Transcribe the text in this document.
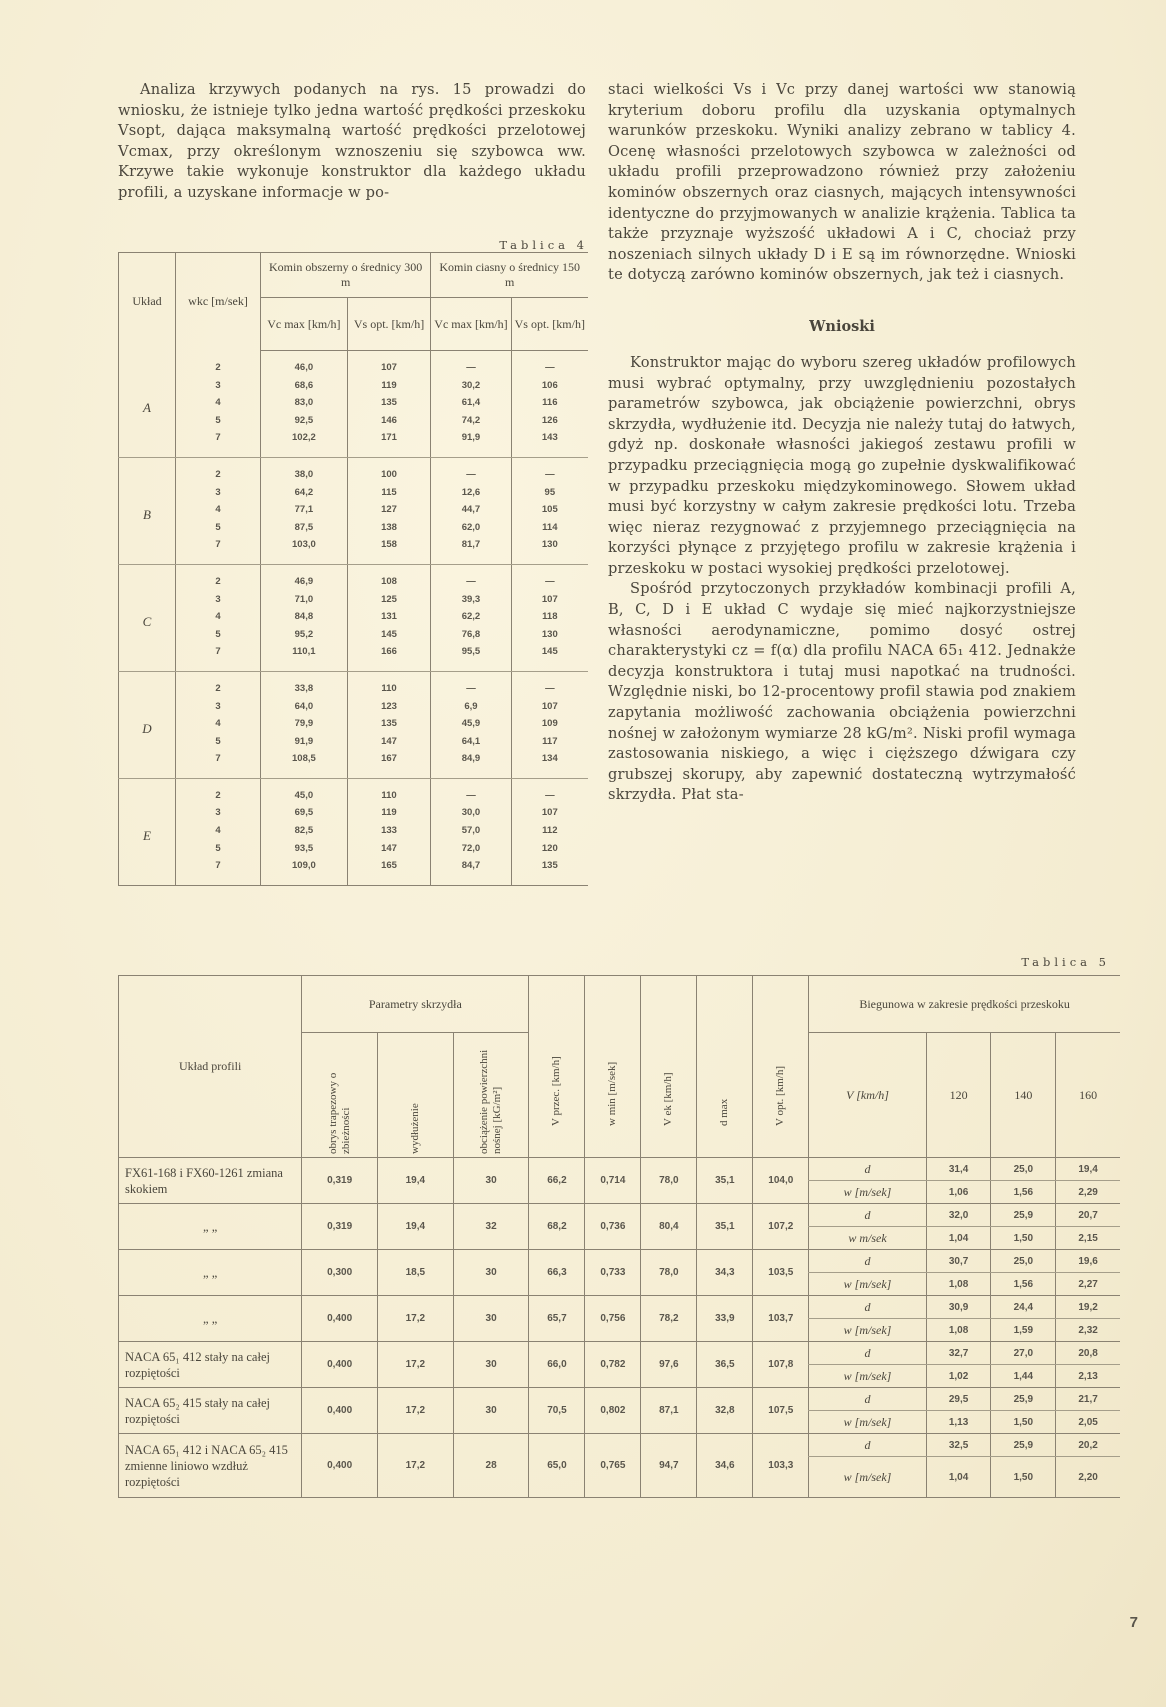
Analiza krzywych podanych na rys. 15 prowadzi do wniosku, że istnieje tylko jedna wartość prędkości przeskoku Vsopt, dająca maksymalną wartość prędkości przelotowej Vcmax, przy określonym wznoszeniu się szybowca ww. Krzywe takie wykonuje konstruktor dla każdego układu profili, a uzyskane informacje w po-

Tablica 4
Układ	wkc [m/sek]	Komin obszerny o średnicy 300 m		Komin ciasny o średnicy 150 m	
		Vc max [km/h]	Vs opt. [km/h]	Vc max [km/h]	Vs opt. [km/h]
A	2	46,0	107	—	—
	3	68,6	119	30,2	106
	4	83,0	135	61,4	116
	5	92,5	146	74,2	126
	7	102,2	171	91,9	143
B	2	38,0	100	—	—
	3	64,2	115	12,6	95
	4	77,1	127	44,7	105
	5	87,5	138	62,0	114
	7	103,0	158	81,7	130
C	2	46,9	108	—	—
	3	71,0	125	39,3	107
	4	84,8	131	62,2	118
	5	95,2	145	76,8	130
	7	110,1	166	95,5	145
D	2	33,8	110	—	—
	3	64,0	123	6,9	107
	4	79,9	135	45,9	109
	5	91,9	147	64,1	117
	7	108,5	167	84,9	134
E	2	45,0	110	—	—
	3	69,5	119	30,0	107
	4	82,5	133	57,0	112
	5	93,5	147	72,0	120
	7	109,0	165	84,7	135

staci wielkości Vs i Vc przy danej wartości ww stanowią kryterium doboru profilu dla uzyskania optymalnych warunków przeskoku. Wyniki analizy zebrano w tablicy 4. Ocenę własności przelotowych szybowca w zależności od układu profili przeprowadzono również przy założeniu kominów obszernych oraz ciasnych, mających intensywności identyczne do przyjmowanych w analizie krążenia. Tablica ta także przyznaje wyższość układowi A i C, chociaż przy noszeniach silnych układy D i E są im równorzędne. Wnioski te dotyczą zarówno kominów obszernych, jak też i ciasnych.

Wnioski

Konstruktor mając do wyboru szereg układów profilowych musi wybrać optymalny, przy uwzględnieniu pozostałych parametrów szybowca, jak obciążenie powierzchni, obrys skrzydła, wydłużenie itd. Decyzja nie należy tutaj do łatwych, gdyż np. doskonałe własności jakiegoś zestawu profili w przypadku przeciągnięcia mogą go zupełnie dyskwalifikować w przypadku przeskoku międzykominowego. Słowem układ musi być korzystny w całym zakresie prędkości lotu. Trzeba więc nieraz rezygnować z przyjemnego przeciągnięcia na korzyści płynące z przyjętego profilu w zakresie krążenia i przeskoku w postaci wysokiej prędkości przelotowej.

Spośród przytoczonych przykładów kombinacji profili A, B, C, D i E układ C wydaje się mieć najkorzystniejsze własności aerodynamiczne, pomimo dosyć ostrej charakterystyki cz = f(α) dla profilu NACA 65₁ 412. Jednakże decyzja konstruktora i tutaj musi napotkać na trudności. Względnie niski, bo 12-procentowy profil stawia pod znakiem zapytania możliwość zachowania obciążenia powierzchni nośnej w założonym wymiarze 28 kG/m². Niski profil wymaga zastosowania niskiego, a więc i cięższego dźwigara czy grubszej skorupy, aby zapewnić dostateczną wytrzymałość skrzydła. Płat sta-

Tablica 5
Układ profili	Parametry skrzydła			V przec. [km/h]	w min [m/sek]	V ek [km/h]	d max	V opt. [km/h]	Biegunowa w zakresie prędkości przeskoku			

	obrys trapezowy o zbieżności	wydłużenie	obciążenie powierzchni nośnej [kG/m²]						V [km/h]	120	140	160
FX61-168 i FX60-1261 zmiana skokiem	0,319	19,4	30	66,2	0,714	78,0	35,1	104,0	d	31,4	25,0	19,4
									w [m/sek]	1,06	1,56	2,29
„ „	0,319	19,4	32	68,2	0,736	80,4	35,1	107,2	d	32,0	25,9	20,7
									w m/sek	1,04	1,50	2,15
„ „	0,300	18,5	30	66,3	0,733	78,0	34,3	103,5	d	30,7	25,0	19,6
									w [m/sek]	1,08	1,56	2,27
„ „	0,400	17,2	30	65,7	0,756	78,2	33,9	103,7	d	30,9	24,4	19,2
									w [m/sek]	1,08	1,59	2,32
NACA 65₁ 412 stały na całej rozpiętości	0,400	17,2	30	66,0	0,782	97,6	36,5	107,8	d	32,7	27,0	20,8
									w [m/sek]	1,02	1,44	2,13
NACA 65₂ 415 stały na całej rozpiętości	0,400	17,2	30	70,5	0,802	87,1	32,8	107,5	d	29,5	25,9	21,7
									w [m/sek]	1,13	1,50	2,05
NACA 65₁ 412 i NACA 65₂ 415 zmienne liniowo wzdłuż rozpiętości	0,400	17,2	28	65,0	0,765	94,7	34,6	103,3	d	32,5	25,9	20,2
									w [m/sek]	1,04	1,50	2,20
7
